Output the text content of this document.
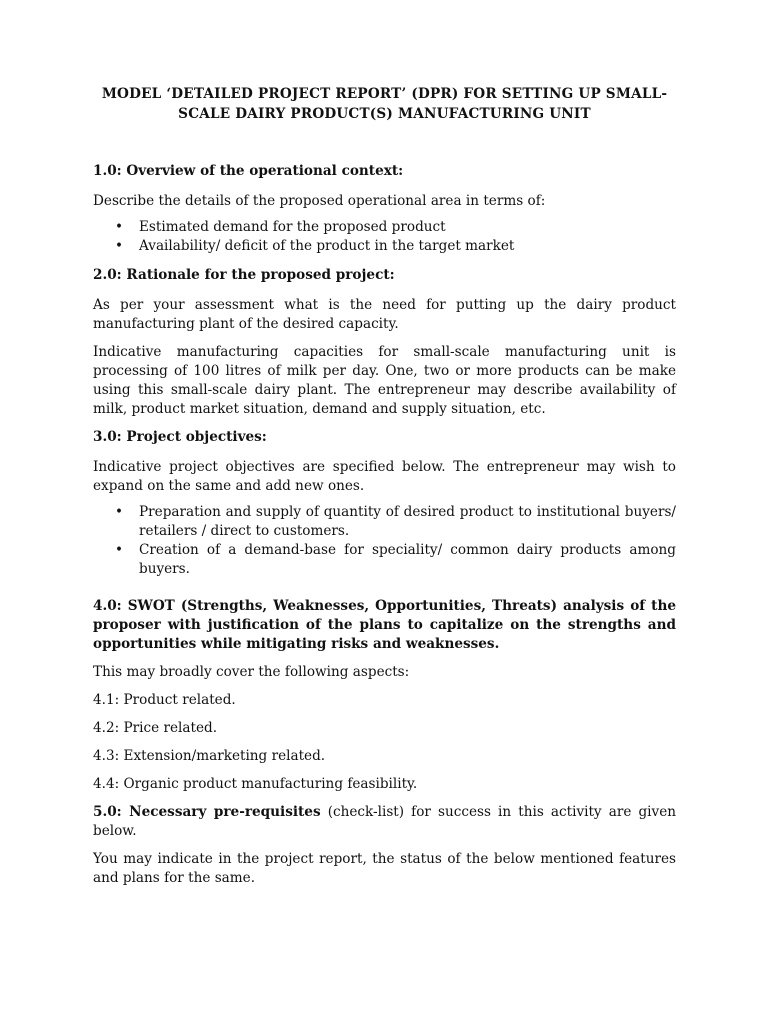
MODEL ‘DETAILED PROJECT REPORT’ (DPR) FOR SETTING UP SMALL-SCALE DAIRY PRODUCT(S) MANUFACTURING UNIT
1.0: Overview of the operational context:

Describe the details of the proposed operational area in terms of:

• Estimated demand for the proposed product
• Availability/ deficit of the product in the target market
2.0: Rationale for the proposed project:

As per your assessment what is the need for putting up the dairy product manufacturing plant of the desired capacity.

Indicative manufacturing capacities for small-scale manufacturing unit is processing of 100 litres of milk per day. One, two or more products can be make using this small-scale dairy plant. The entrepreneur may describe availability of milk, product market situation, demand and supply situation, etc.

3.0: Project objectives:

Indicative project objectives are specified below. The entrepreneur may wish to expand on the same and add new ones.

• Preparation and supply of quantity of desired product to institutional buyers/ retailers / direct to customers.
• Creation of a demand-base for speciality/ common dairy products among buyers.
4.0: SWOT (Strengths, Weaknesses, Opportunities, Threats) analysis of the proposer with justification of the plans to capitalize on the strengths and opportunities while mitigating risks and weaknesses.

This may broadly cover the following aspects:

4.1: Product related.
4.2: Price related.
4.3: Extension/marketing related.
4.4: Organic product manufacturing feasibility.

5.0: Necessary pre-requisites (check-list) for success in this activity are given below.

You may indicate in the project report, the status of the below mentioned features and plans for the same.
